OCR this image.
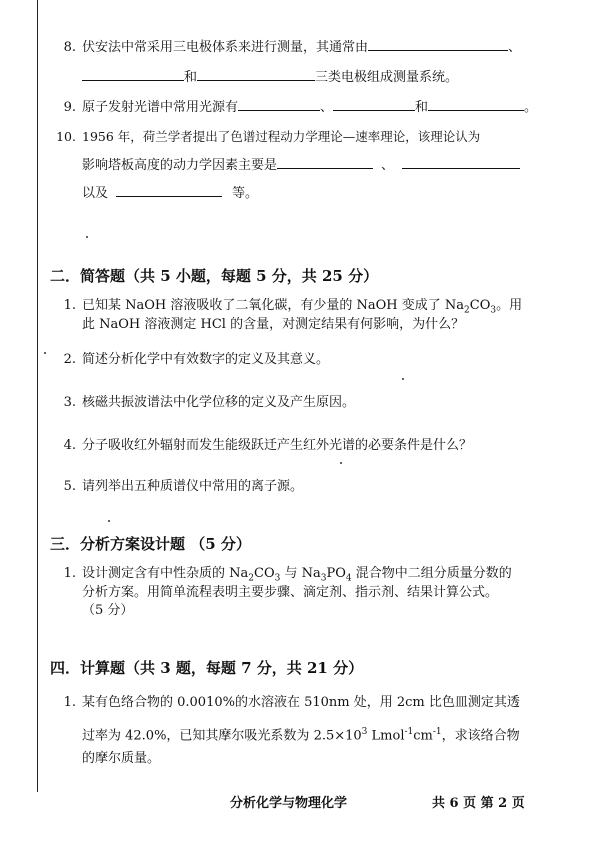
8. 伏安法中常采用三电极体系来进行测量，其通常由	、
和	三类电极组成测量系统。
9. 原子发射光谱中常用光源有	、	和	。
10. 1956 年，荷兰学者提出了色谱过程动力学理论—速率理论，该理论认为
影响塔板高度的动力学因素主要是	、
以及	等。
二．简答题（共 5 小题，每题 5 分，共 25 分）
1. 已知某 NaOH 溶液吸收了二氧化碳，有少量的 NaOH 变成了 $Na_2CO_3$。用
此 NaOH 溶液测定 HCl 的含量，对测定结果有何影响，为什么？
2. 简述分析化学中有效数字的定义及其意义。
3. 核磁共振波谱法中化学位移的定义及产生原因。
4. 分子吸收红外辐射而发生能级跃迁产生红外光谱的必要条件是什么？
5. 请列举出五种质谱仪中常用的离子源。
三．分析方案设计题 （5 分）
1. 设计测定含有中性杂质的 $Na_2CO_3$ 与 $Na_3PO_4$ 混合物中二组分质量分数的
分析方案。用简单流程表明主要步骤、滴定剂、指示剂、结果计算公式。
（5 分）
四．计算题（共 3 题，每题 7 分，共 21 分）
1. 某有色络合物的 0.0010%的水溶液在 510nm 处，用 2cm 比色皿测定其透
过率为 42.0%，已知其摩尔吸光系数为 $2.5\times 10^3$ $Lmol^{-1}cm^{-1}$，求该络合物
的摩尔质量。
分析化学与物理化学	共 6 页 第 2 页
